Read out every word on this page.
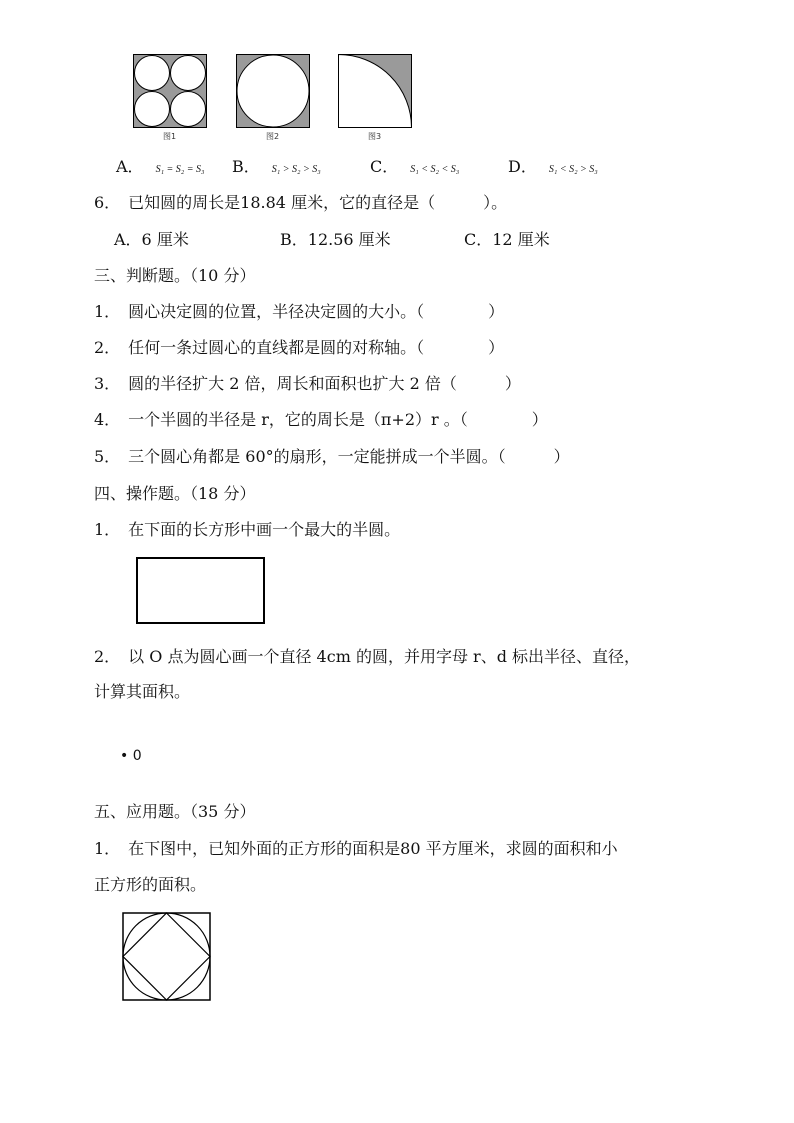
图1	图2	图3
A． S₁ = S₂ = S₃ B． S₁ > S₂ > S₃	C． S₁ < S₂ < S₃	D． S₁ < S₂ > S₃
6．　已知圆的周长是18.84 厘米，它的直径是（　　　）。
A．6 厘米	B．12.56 厘米	C．12 厘米
三、判断题。（10 分）
1．　圆心决定圆的位置，半径决定圆的大小。（　　　　）
2．　任何一条过圆心的直线都是圆的对称轴。（　　　　）
3．　圆的半径扩大 2 倍，周长和面积也扩大 2 倍（　　　）
4．　一个半圆的半径是 r，它的周长是（π+2）r 。（　　　　）
5．　三个圆心角都是 60°的扇形，一定能拼成一个半圆。（　　　）
四、操作题。（18 分）
1．　在下面的长方形中画一个最大的半圆。
2．　以 O 点为圆心画一个直径 4cm 的圆，并用字母 r、d 标出半径、直径，
计算其面积。
• 0
五、应用题。（35 分）
1．　在下图中，已知外面的正方形的面积是80 平方厘米，求圆的面积和小
正方形的面积。
